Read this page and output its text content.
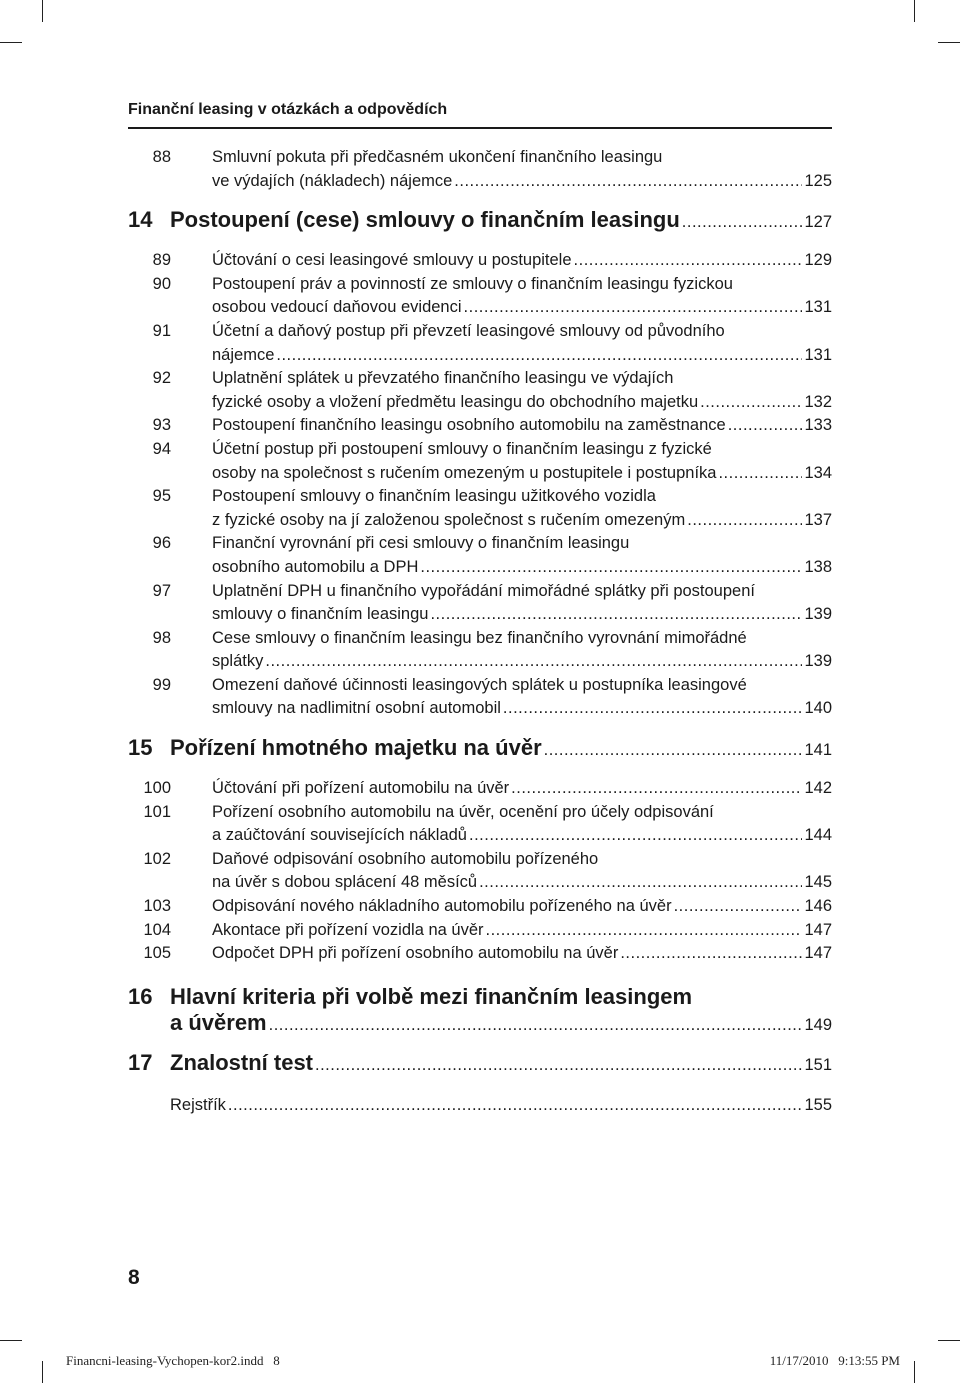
Finanční leasing v otázkách a odpovědích
88	Smluvní pokuta při předčasném ukončení finančního leasingu
ve výdajích (nákladech) nájemce .....	125
14 Postoupení (cese) smlouvy o finančním leasingu .....	127
89	Účtování o cesi leasingové smlouvy u postupitele .....	129
90	Postoupení práv a povinností ze smlouvy o finančním leasingu fyzickou
osobou vedoucí daňovou evidenci .....	131
91	Účetní a daňový postup při převzetí leasingové smlouvy od původního
nájemce .....	131
92	Uplatnění splátek u převzatého finančního leasingu ve výdajích
fyzické osoby a vložení předmětu leasingu do obchodního majetku .....	132
93	Postoupení finančního leasingu osobního automobilu na zaměstnance .....	133
94	Účetní postup při postoupení smlouvy o finančním leasingu z fyzické
osoby na společnost s ručením omezeným u postupitele i postupníka .....	134
95	Postoupení smlouvy o finančním leasingu užitkového vozidla
z fyzické osoby na jí založenou společnost s ručením omezeným .....	137
96	Finanční vyrovnání při cesi smlouvy o finančním leasingu
osobního automobilu a DPH .....	138
97	Uplatnění DPH u finančního vypořádání mimořádné splátky při postoupení
smlouvy o finančním leasingu .....	139
98	Cese smlouvy o finančním leasingu bez finančního vyrovnání mimořádné
splátky .....	139
99	Omezení daňové účinnosti leasingových splátek u postupníka leasingové
smlouvy na nadlimitní osobní automobil .....	140
15 Pořízení hmotného majetku na úvěr .....	141
100	Účtování při pořízení automobilu na úvěr .....	142
101	Pořízení osobního automobilu na úvěr, ocenění pro účely odpisování
a zaúčtování souvisejících nákladů .....	144
102	Daňové odpisování osobního automobilu pořízeného
na úvěr s dobou splácení 48 měsíců .....	145
103	Odpisování nového nákladního automobilu pořízeného na úvěr .....	146
104	Akontace při pořízení vozidla na úvěr .....	147
105	Odpočet DPH při pořízení osobního automobilu na úvěr .....	147
16 Hlavní kriteria při volbě mezi finančním leasingem
a úvěrem .....	149
17 Znalostní test .....	151
Rejstřík .....	155
8
Financni-leasing-Vychopen-kor2.indd   8	11/17/2010   9:13:55 PM
